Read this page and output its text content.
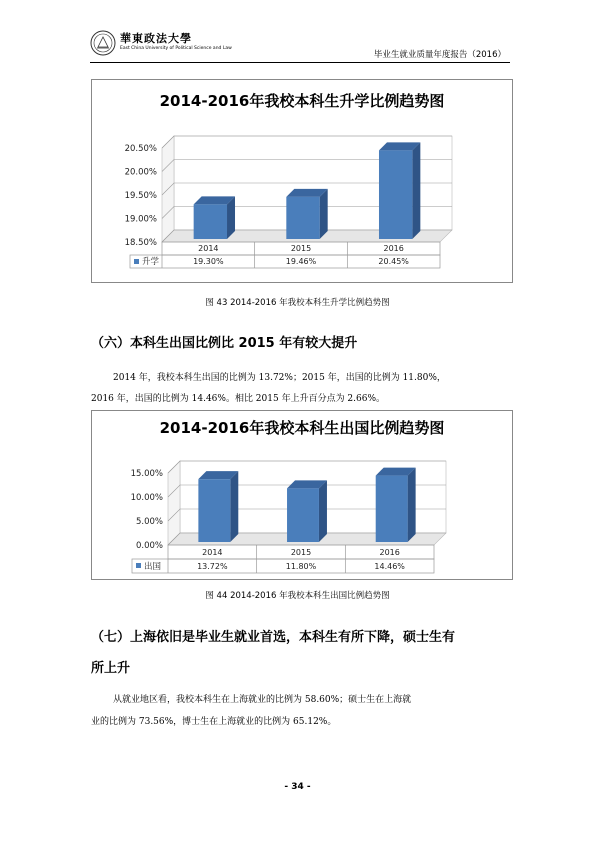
華東政法大學
East China University of Political Science and Law
毕业生就业质量年度报告（2016）
2014-2016年我校本科生升学比例趋势图
18.50%
19.00%
19.50%
20.00%
20.50%
2014
19.30%
2015
19.46%
2016
20.45%
升学
图 43 2014-2016 年我校本科生升学比例趋势图
（六）本科生出国比例比 2015 年有较大提升
2014 年，我校本科生出国的比例为 13.72%；2015 年，出国的比例为 11.80%，
2016 年，出国的比例为 14.46%。相比 2015 年上升百分点为 2.66%。
2014-2016年我校本科生出国比例趋势图
0.00%
5.00%
10.00%
15.00%
2014
13.72%
2015
11.80%
2016
14.46%
出国
图 44 2014-2016 年我校本科生出国比例趋势图
（七）上海依旧是毕业生就业首选，本科生有所下降，硕士生有
所上升
从就业地区看，我校本科生在上海就业的比例为 58.60%；硕士生在上海就
业的比例为 73.56%，博士生在上海就业的比例为 65.12%。
- 34 -
